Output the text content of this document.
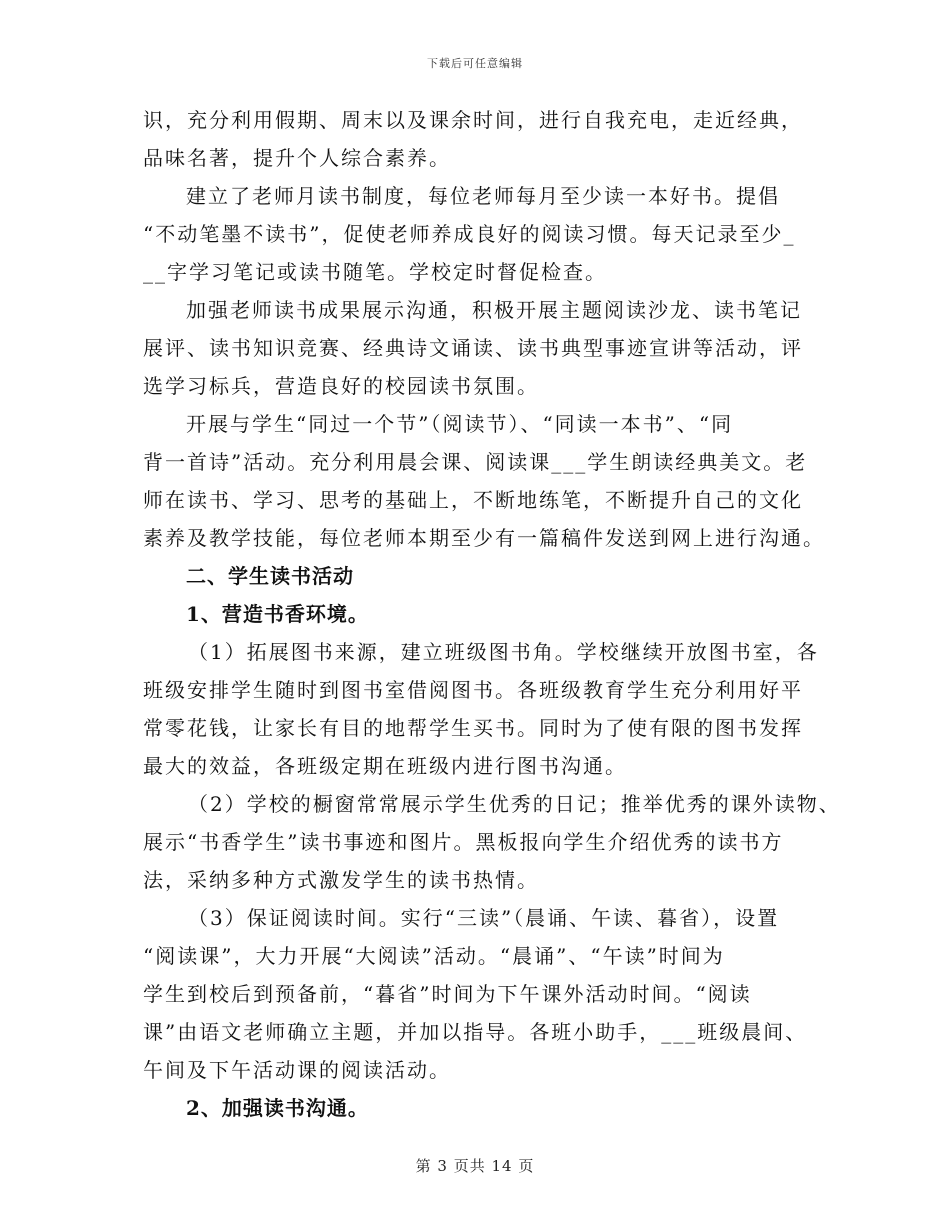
下载后可任意编辑
识，充分利用假期、周末以及课余时间，进行自我充电，走近经典，
品味名著，提升个人综合素养。
建立了老师月读书制度，每位老师每月至少读一本好书。提倡
“不动笔墨不读书”，促使老师养成良好的阅读习惯。每天记录至少_
__字学习笔记或读书随笔。学校定时督促检查。
加强老师读书成果展示沟通，积极开展主题阅读沙龙、读书笔记
展评、读书知识竞赛、经典诗文诵读、读书典型事迹宣讲等活动，评
选学习标兵，营造良好的校园读书氛围。
开展与学生“同过一个节”（阅读节）、“同读一本书”、“同
背一首诗”活动。充分利用晨会课、阅读课___学生朗读经典美文。老
师在读书、学习、思考的基础上，不断地练笔，不断提升自己的文化
素养及教学技能，每位老师本期至少有一篇稿件发送到网上进行沟通。
二、学生读书活动
1、营造书香环境。
（1）拓展图书来源，建立班级图书角。学校继续开放图书室，各
班级安排学生随时到图书室借阅图书。各班级教育学生充分利用好平
常零花钱，让家长有目的地帮学生买书。同时为了使有限的图书发挥
最大的效益，各班级定期在班级内进行图书沟通。
（2）学校的橱窗常常展示学生优秀的日记；推举优秀的课外读物、
展示“书香学生”读书事迹和图片。黑板报向学生介绍优秀的读书方
法，采纳多种方式激发学生的读书热情。
（3）保证阅读时间。实行“三读”（晨诵、午读、暮省），设置
“阅读课”，大力开展“大阅读”活动。“晨诵”、“午读”时间为
学生到校后到预备前，“暮省”时间为下午课外活动时间。“阅读
课”由语文老师确立主题，并加以指导。各班小助手，___班级晨间、
午间及下午活动课的阅读活动。
2、加强读书沟通。
第 3 页共 14 页
